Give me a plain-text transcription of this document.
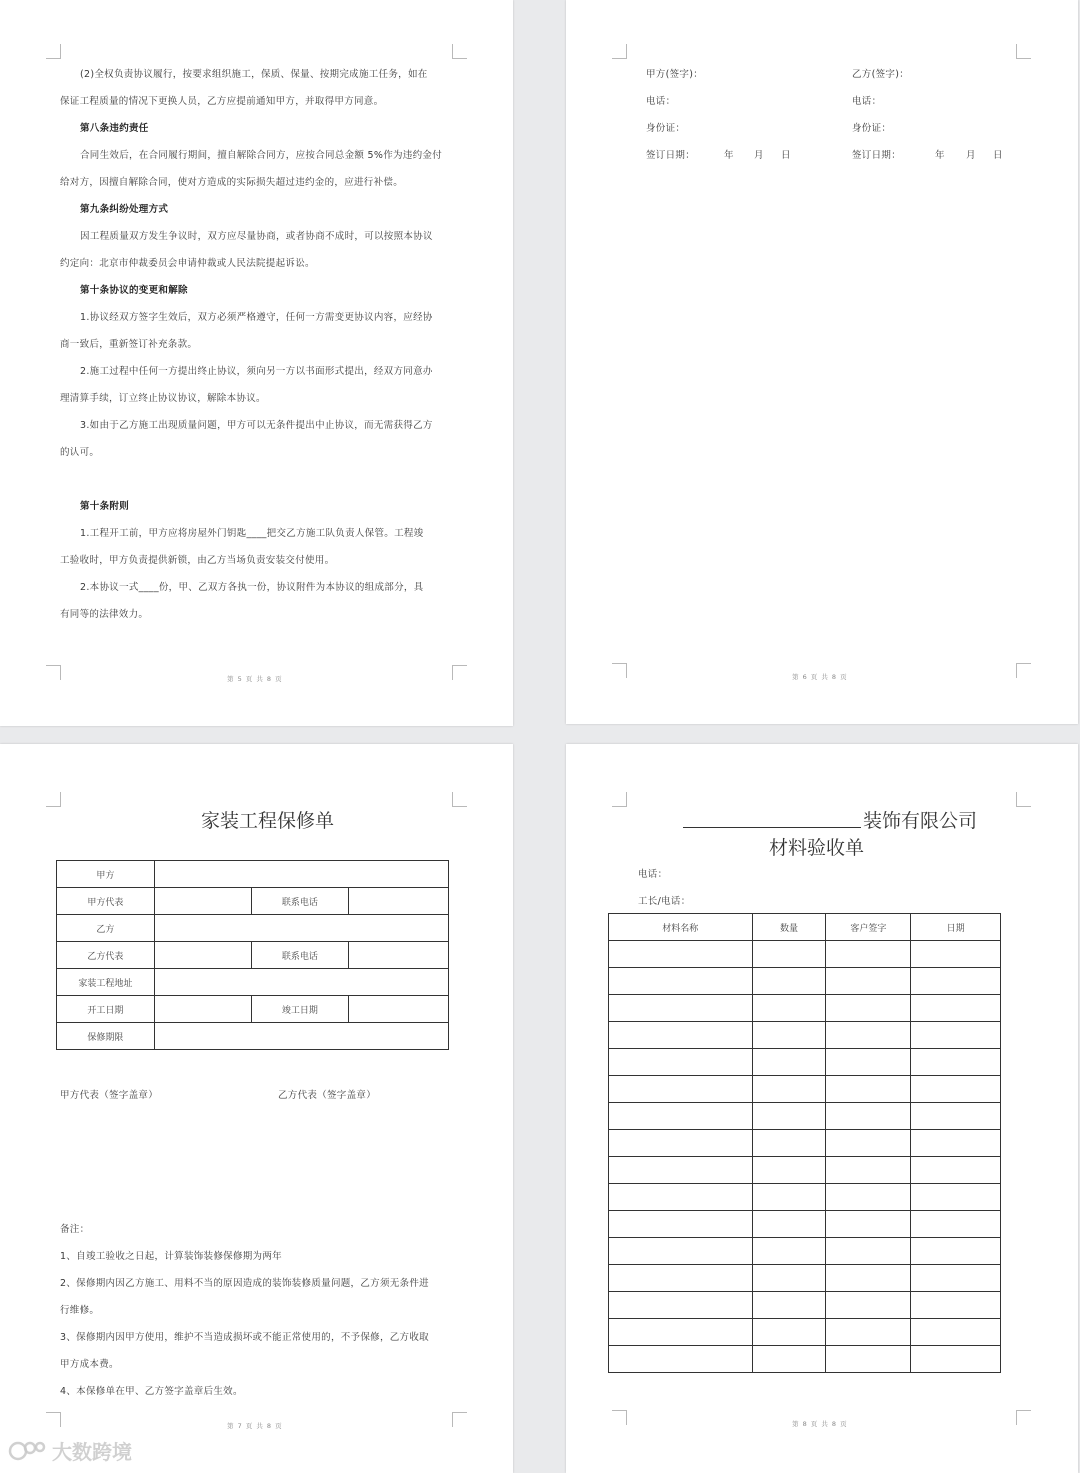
(2)全权负责协议履行，按要求组织施工，保质、保量、按期完成施工任务，如在
保证工程质量的情况下更换人员，乙方应提前通知甲方，并取得甲方同意。
第八条违约责任
合同生效后，在合同履行期间，擅自解除合同方，应按合同总金额 5%作为违约金付
给对方，因擅自解除合同，使对方造成的实际损失超过违约金的，应进行补偿。
第九条纠纷处理方式
因工程质量双方发生争议时，双方应尽量协商，或者协商不成时，可以按照本协议
约定向：北京市仲裁委员会申请仲裁或人民法院提起诉讼。
第十条协议的变更和解除
1.协议经双方签字生效后，双方必须严格遵守，任何一方需变更协议内容，应经协
商一致后，重新签订补充条款。
2.施工过程中任何一方提出终止协议，须向另一方以书面形式提出，经双方同意办
理清算手续，订立终止协议协议，解除本协议。
3.如由于乙方施工出现质量问题，甲方可以无条件提出中止协议，而无需获得乙方
的认可。
第十条附则
1.工程开工前，甲方应将房屋外门钥匙____把交乙方施工队负责人保管。工程竣
工验收时，甲方负责提供新锁，由乙方当场负责安装交付使用。
2.本协议一式____份，甲、乙双方各执一份，协议附件为本协议的组成部分，具
有同等的法律效力。
第 5 页 共 8 页
甲方(签字)：
电话：
身份证：
签订日期：	年 月 日
乙方(签字)：
电话：
身份证：
签订日期：	年 月 日
第 6 页 共 8 页
家装工程保修单
甲方			
甲方代表		联系电话	
乙方			
乙方代表		联系电话	
家装工程地址			
开工日期		竣工日期	
保修期限			
甲方代表（签字盖章）	乙方代表（签字盖章）
备注：
1、自竣工验收之日起，计算装饰装修保修期为两年
2、保修期内因乙方施工、用料不当的原因造成的装饰装修质量问题，乙方须无条件进
行维修。
3、保修期内因甲方使用，维护不当造成损坏或不能正常使用的，不予保修，乙方收取
甲方成本费。
4、本保修单在甲、乙方签字盖章后生效。
第 7 页 共 8 页
装饰有限公司
材料验收单
电话：
工长/电话：
材料名称	数量	客户签字	日期

第 8 页 共 8 页
大数跨境
